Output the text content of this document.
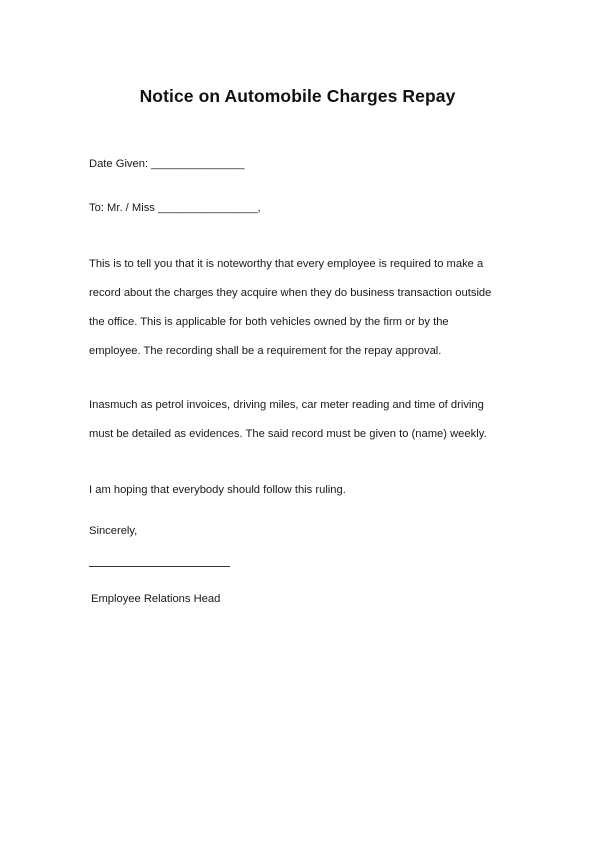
Notice on Automobile Charges Repay
Date Given: _______________
To: Mr. / Miss ________________,
This is to tell you that it is noteworthy that every employee is required to make a
record about the charges they acquire when they do business transaction outside
the office. This is applicable for both vehicles owned by the firm or by the
employee. The recording shall be a requirement for the repay approval.
Inasmuch as petrol invoices, driving miles, car meter reading and time of driving
must be detailed as evidences. The said record must be given to (name) weekly.
I am hoping that everybody should follow this ruling.
Sincerely,
Employee Relations Head
